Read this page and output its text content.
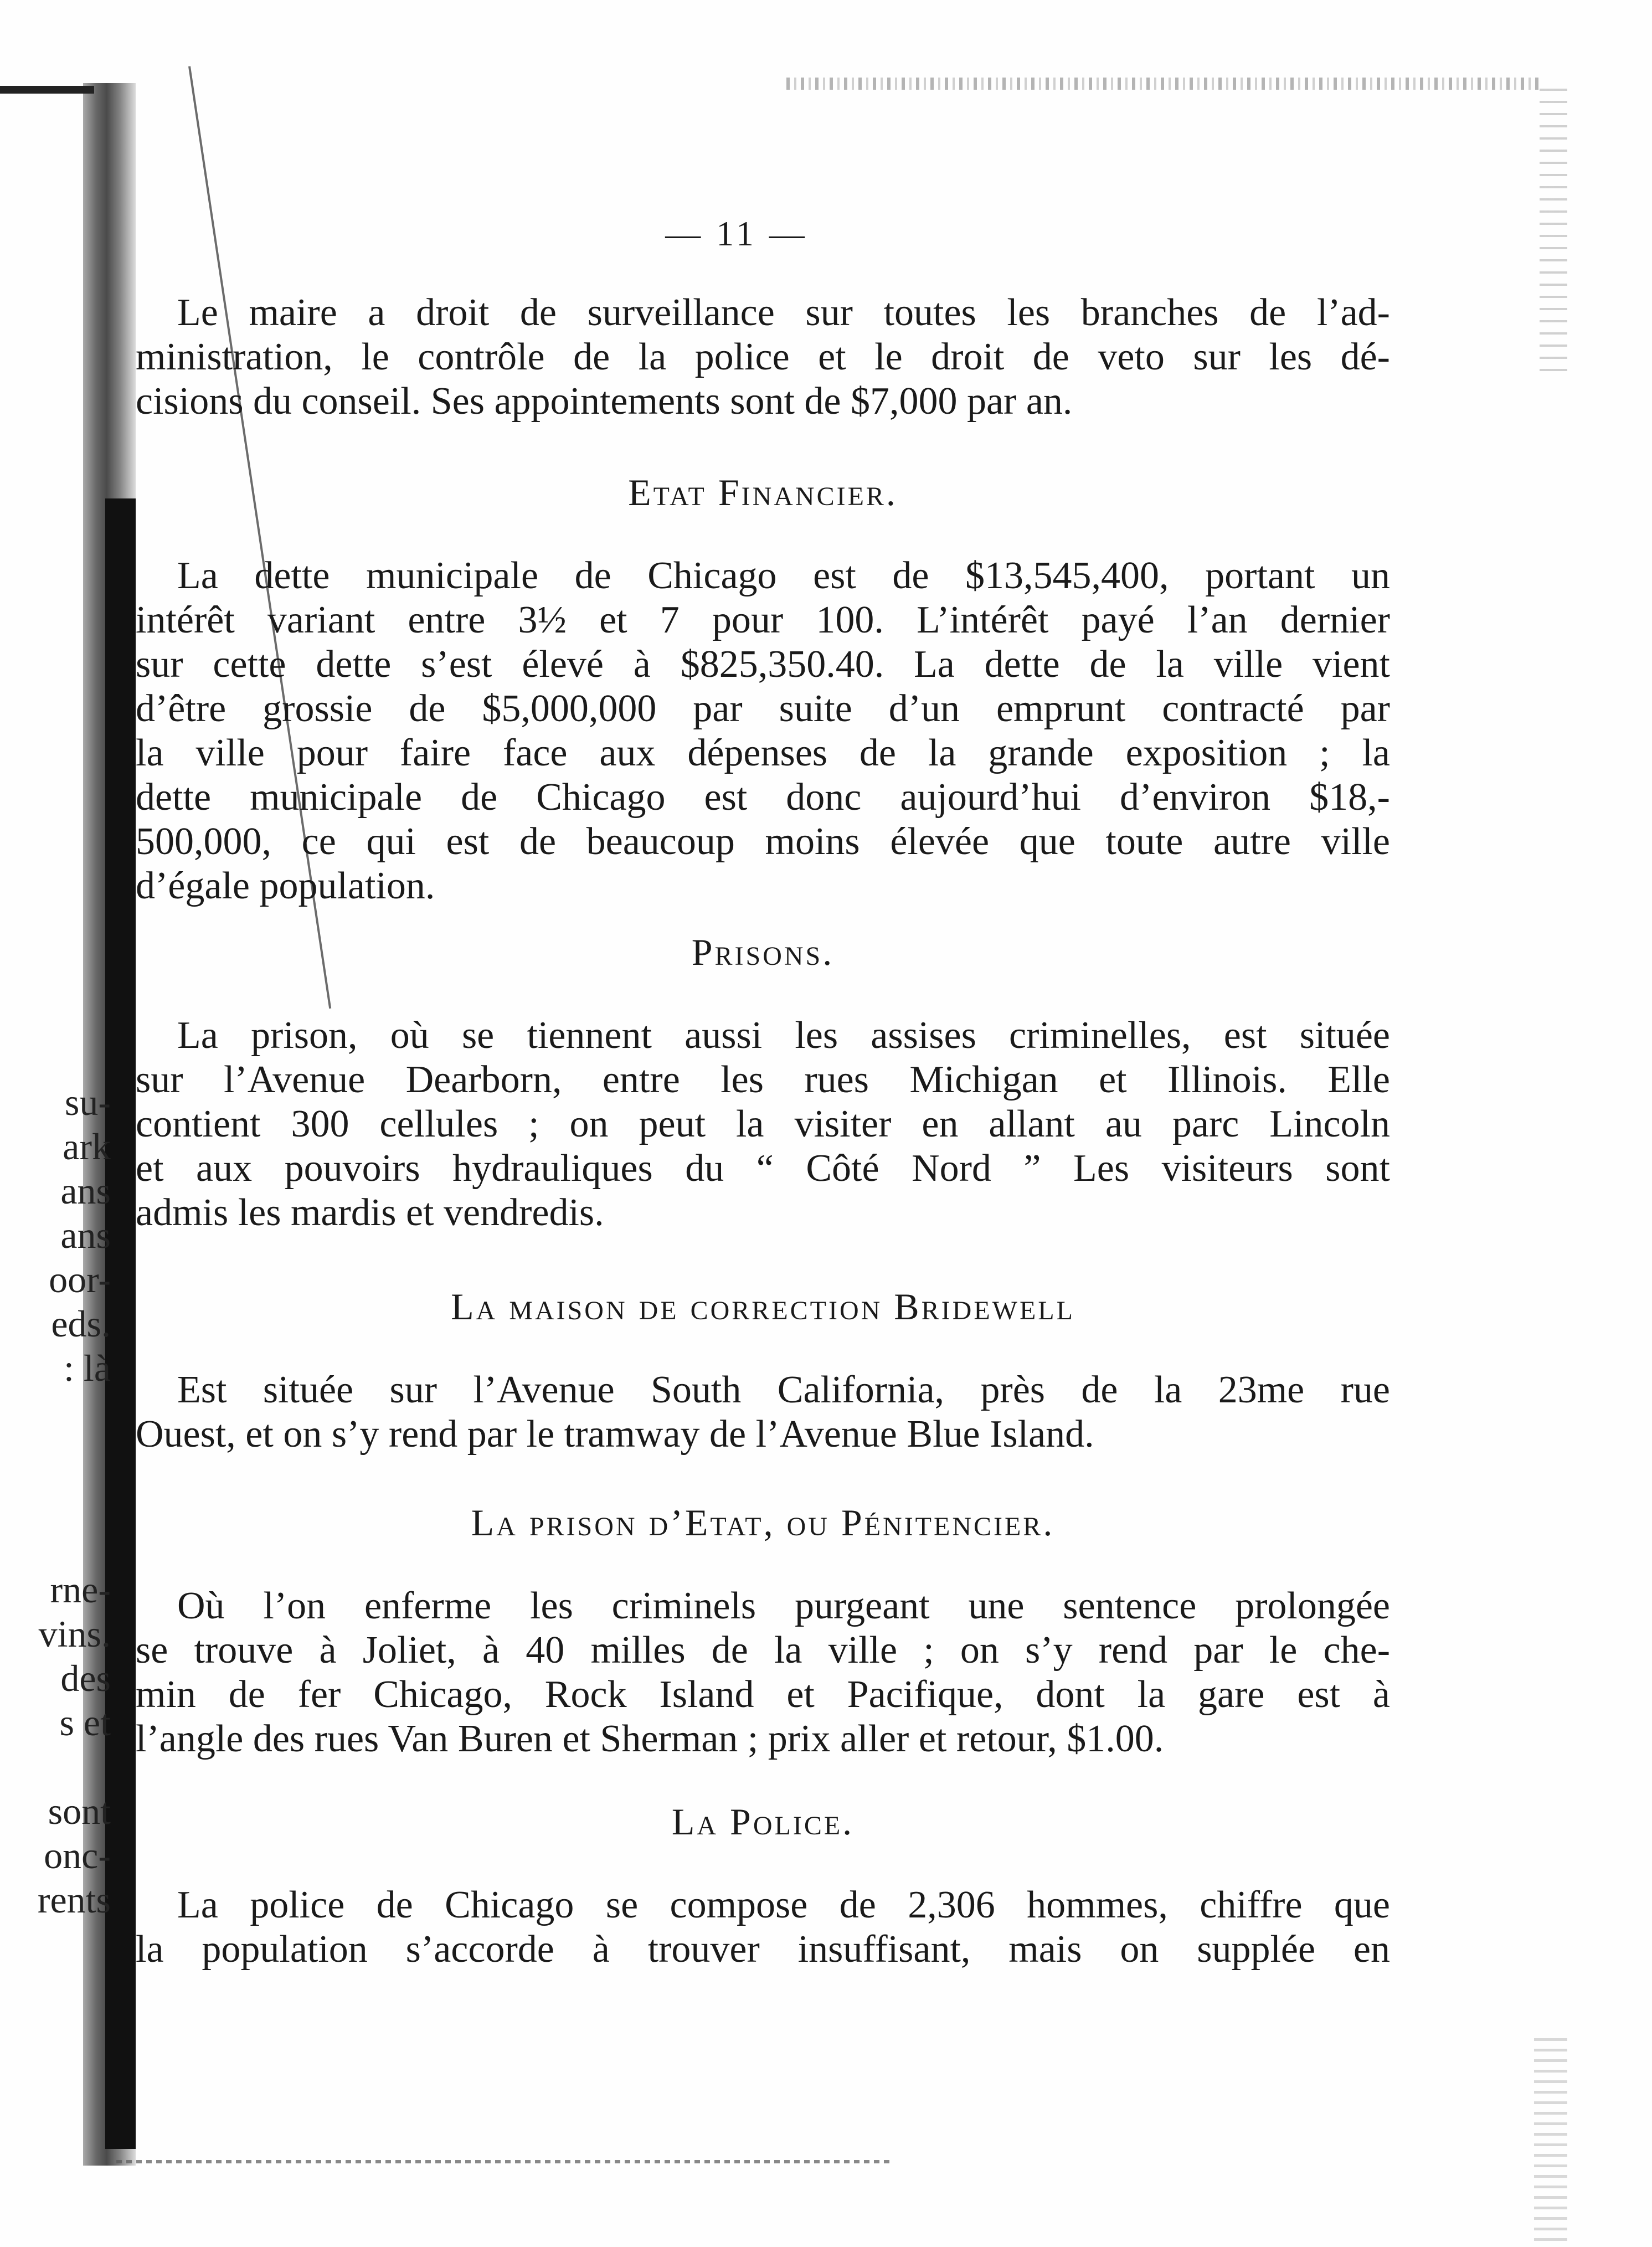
su-
ark
ans
ans
oor-
eds.
: là
rne-
vins.
des
s et
sont
onc-
rents
— 11 —
Le maire a droit de surveillance sur toutes les branches de l’ad-
ministration, le contrôle de la police et le droit de veto sur les dé-
cisions du conseil. Ses appointements sont de $7,000 par an.
Etat Financier.
La dette municipale de Chicago est de $13,545,400, portant un
intérêt variant entre 3½ et 7 pour 100. L’intérêt payé l’an dernier
sur cette dette s’est élevé à $825,350.40. La dette de la ville vient
d’être grossie de $5,000,000 par suite d’un emprunt contracté par
la ville pour faire face aux dépenses de la grande exposition ; la
dette municipale de Chicago est donc aujourd’hui d’environ $18,-
500,000, ce qui est de beaucoup moins élevée que toute autre ville
d’égale population.
Prisons.
La prison, où se tiennent aussi les assises criminelles, est située
sur l’Avenue Dearborn, entre les rues Michigan et Illinois. Elle
contient 300 cellules ; on peut la visiter en allant au parc Lincoln
et aux pouvoirs hydrauliques du “ Côté Nord ” Les visiteurs sont
admis les mardis et vendredis.
La maison de correction Bridewell
Est située sur l’Avenue South California, près de la 23me rue
Ouest, et on s’y rend par le tramway de l’Avenue Blue Island.
La prison d’Etat, ou Pénitencier.
Où l’on enferme les criminels purgeant une sentence prolongée
se trouve à Joliet, à 40 milles de la ville ; on s’y rend par le che-
min de fer Chicago, Rock Island et Pacifique, dont la gare est à
l’angle des rues Van Buren et Sherman ; prix aller et retour, $1.00.
La Police.
La police de Chicago se compose de 2,306 hommes, chiffre que
la population s’accorde à trouver insuffisant, mais on supplée en
